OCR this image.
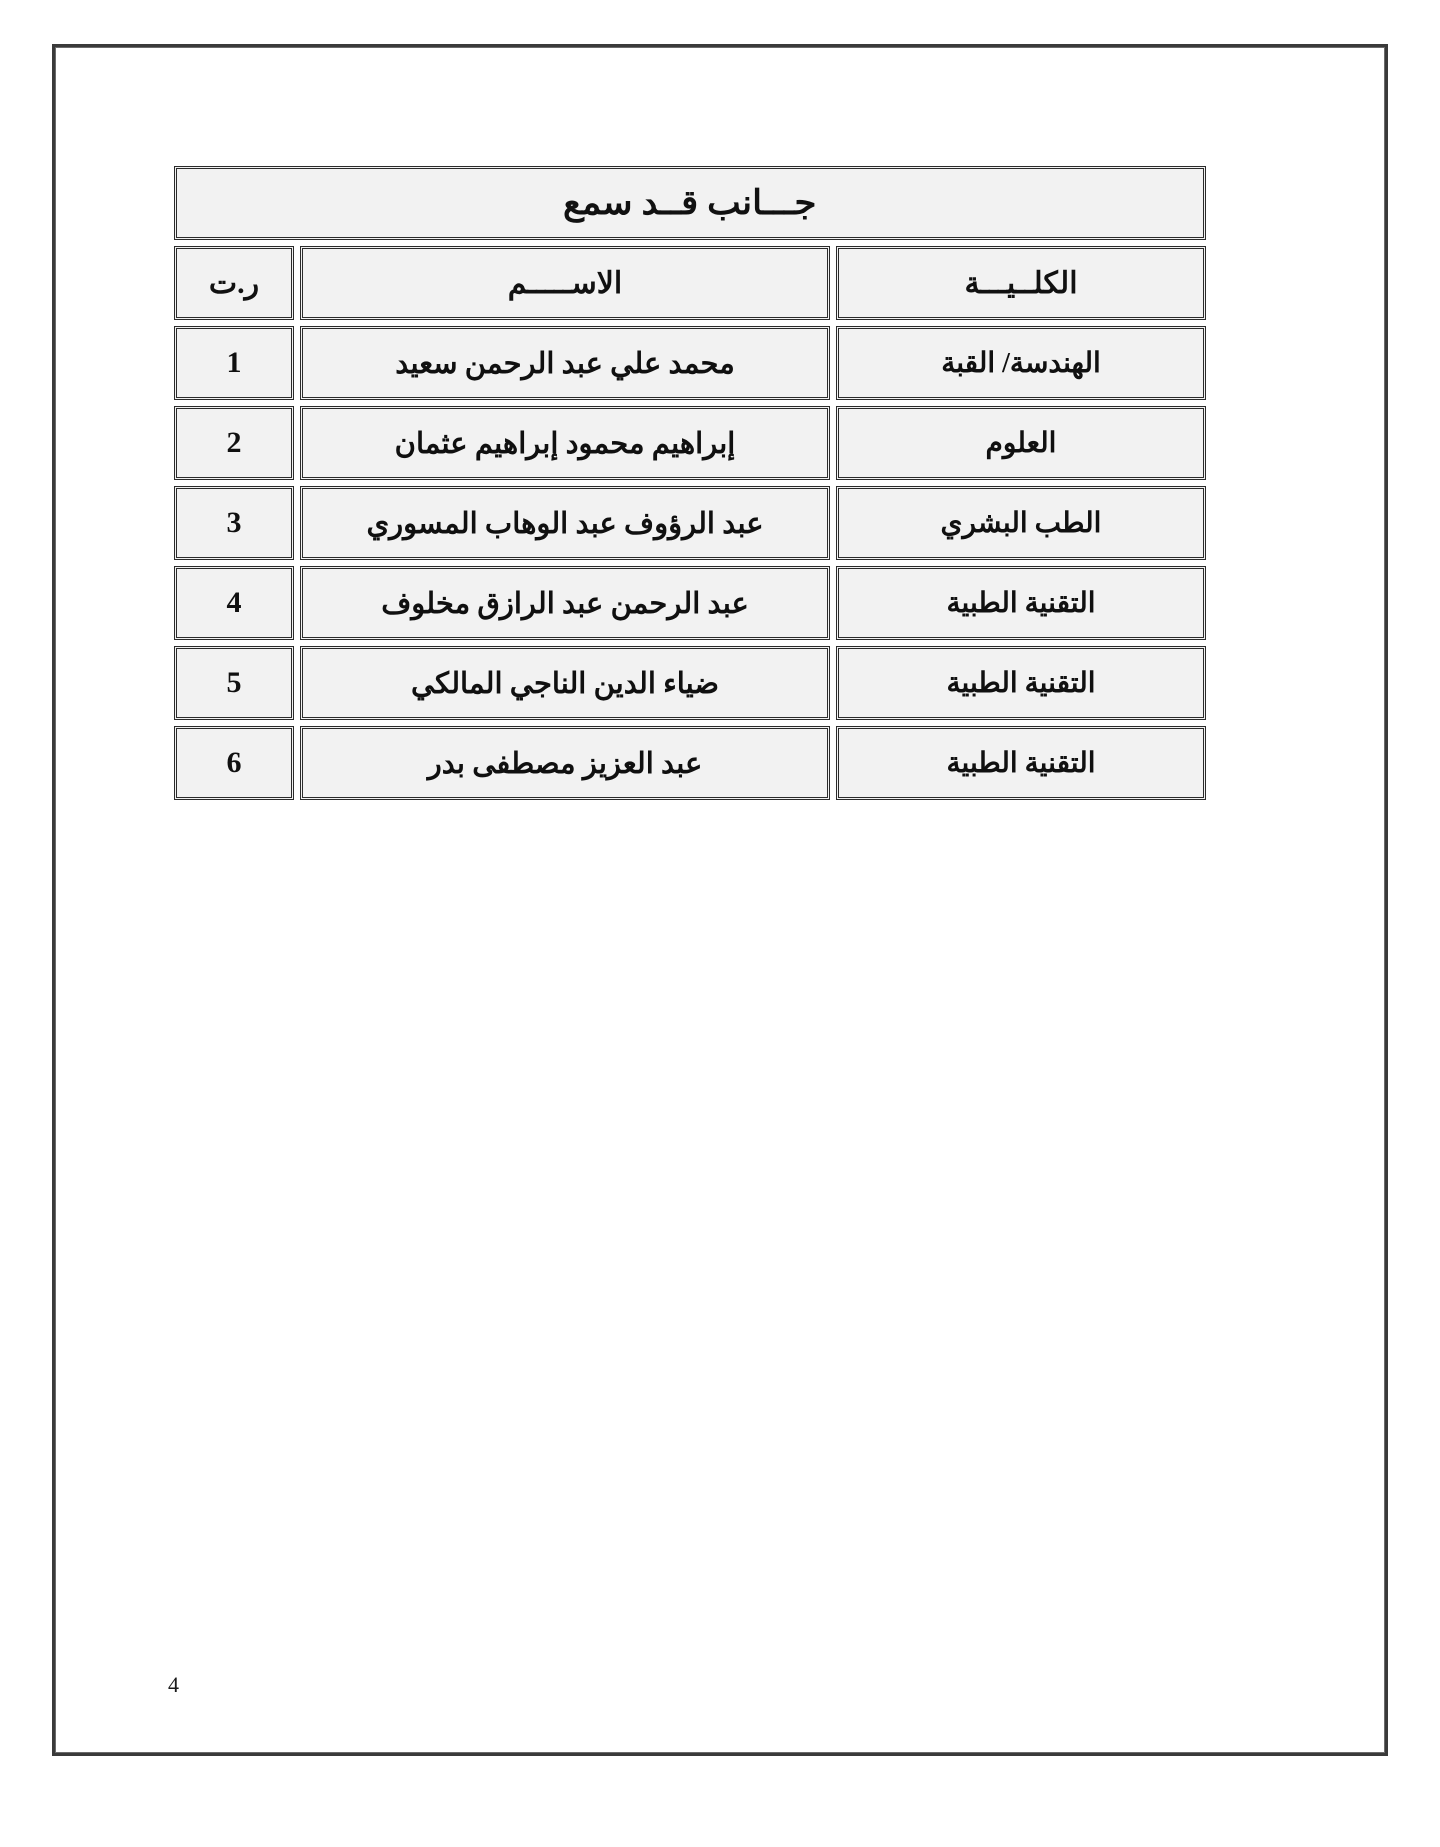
جـــانب قــد سمع		
الكلــيـــة	الاســـــم	ر.ت
الهندسة/ القبة	محمد علي عبد الرحمن سعيد	1
العلوم	إبراهيم محمود إبراهيم عثمان	2
الطب البشري	عبد الرؤوف عبد الوهاب المسوري	3
التقنية الطبية	عبد الرحمن عبد الرازق مخلوف	4
التقنية الطبية	ضياء الدين الناجي المالكي	5
التقنية الطبية	عبد العزيز مصطفى بدر	6
4
